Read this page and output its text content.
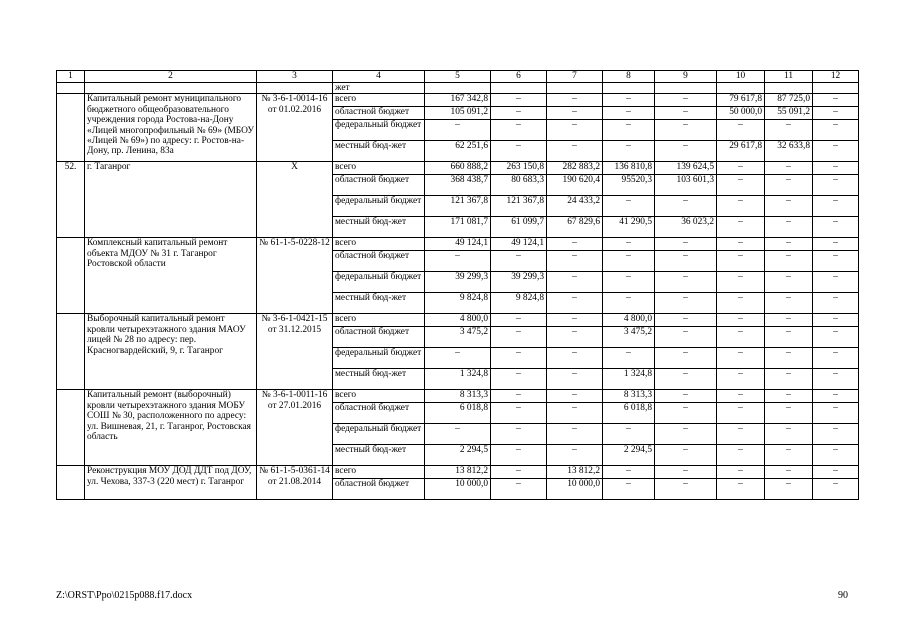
1	2	3	4	5	6	7	8	9	10	11	12
			жет								
	Капитальный ремонт муниципального бюджетного общеобразовательного учреждения города Ростова-на-Дону «Лицей многопрофильный № 69» (МБОУ «Лицей № 69») по адресу: г. Ростов-на-Дону, пр. Ленина, 83а	№ 3-6-1-0014-16 от 01.02.2016	всего	167 342,8	–	–	–	–	79 617,8	87 725,0	–
			областной бюджет	105 091,2	–	–	–	–	50 000,0	55 091,2	–
			федеральный бюджет	–	–	–	–	–	–	–	–
			местный бюд-жет	62 251,6	–	–	–	–	29 617,8	32 633,8	–
52.	г. Таганрог	Х	всего	660 888,2	263 150,8	282 883,2	136 810,8	139 624,5	–	–	–
			областной бюджет	368 438,7	80 683,3	190 620,4	95520,3	103 601,3	–	–	–
			федеральный бюджет	121 367,8	121 367,8	24 433,2	–	–	–	–	–
			местный бюд-жет	171 081,7	61 099,7	67 829,6	41 290,5	36 023,2	–	–	–
	Комплексный капитальный ремонт объекта МДОУ № 31 г. Таганрог Ростовской области	№ 61-1-5-0228-12	всего	49 124,1	49 124,1	–	–	–	–	–	–
			областной бюджет	–	–	–	–	–	–	–	–
			федеральный бюджет	39 299,3	39 299,3	–	–	–	–	–	–
			местный бюд-жет	9 824,8	9 824,8	–	–	–	–	–	–
	Выборочный капитальный ремонт кровли четырехэтажного здания МАОУ лицей № 28 по адресу: пер. Красногвардейский, 9, г. Таганрог	№ 3-6-1-0421-15 от 31.12.2015	всего	4 800,0	–	–	4 800,0	–	–	–	–
			областной бюджет	3 475,2	–	–	3 475,2	–	–	–	–
			федеральный бюджет	–	–	–	–	–	–	–	–
			местный бюд-жет	1 324,8	–	–	1 324,8	–	–	–	–
	Капитальный ремонт (выборочный) кровли четырехэтажного здания МОБУ СОШ № 30, расположенного по адресу: ул. Вишневая, 21, г. Таганрог, Ростовская область	№ 3-6-1-0011-16 от 27.01.2016	всего	8 313,3	–	–	8 313,3	–	–	–	–
			областной бюджет	6 018,8	–	–	6 018,8	–	–	–	–
			федеральный бюджет	–	–	–	–	–	–	–	–
			местный бюд-жет	2 294,5	–	–	2 294,5	–	–	–	–
	Реконструкция МОУ ДОД ДДТ под ДОУ, ул. Чехова, 337-3 (220 мест) г. Таганрог	№ 61-1-5-0361-14 от 21.08.2014	всего	13 812,2	–	13 812,2	–	–	–	–	–
			областной бюджет	10 000,0	–	10 000,0	–	–	–	–	–
Z:\ORST\Ppo\0215p088.f17.docx	90
